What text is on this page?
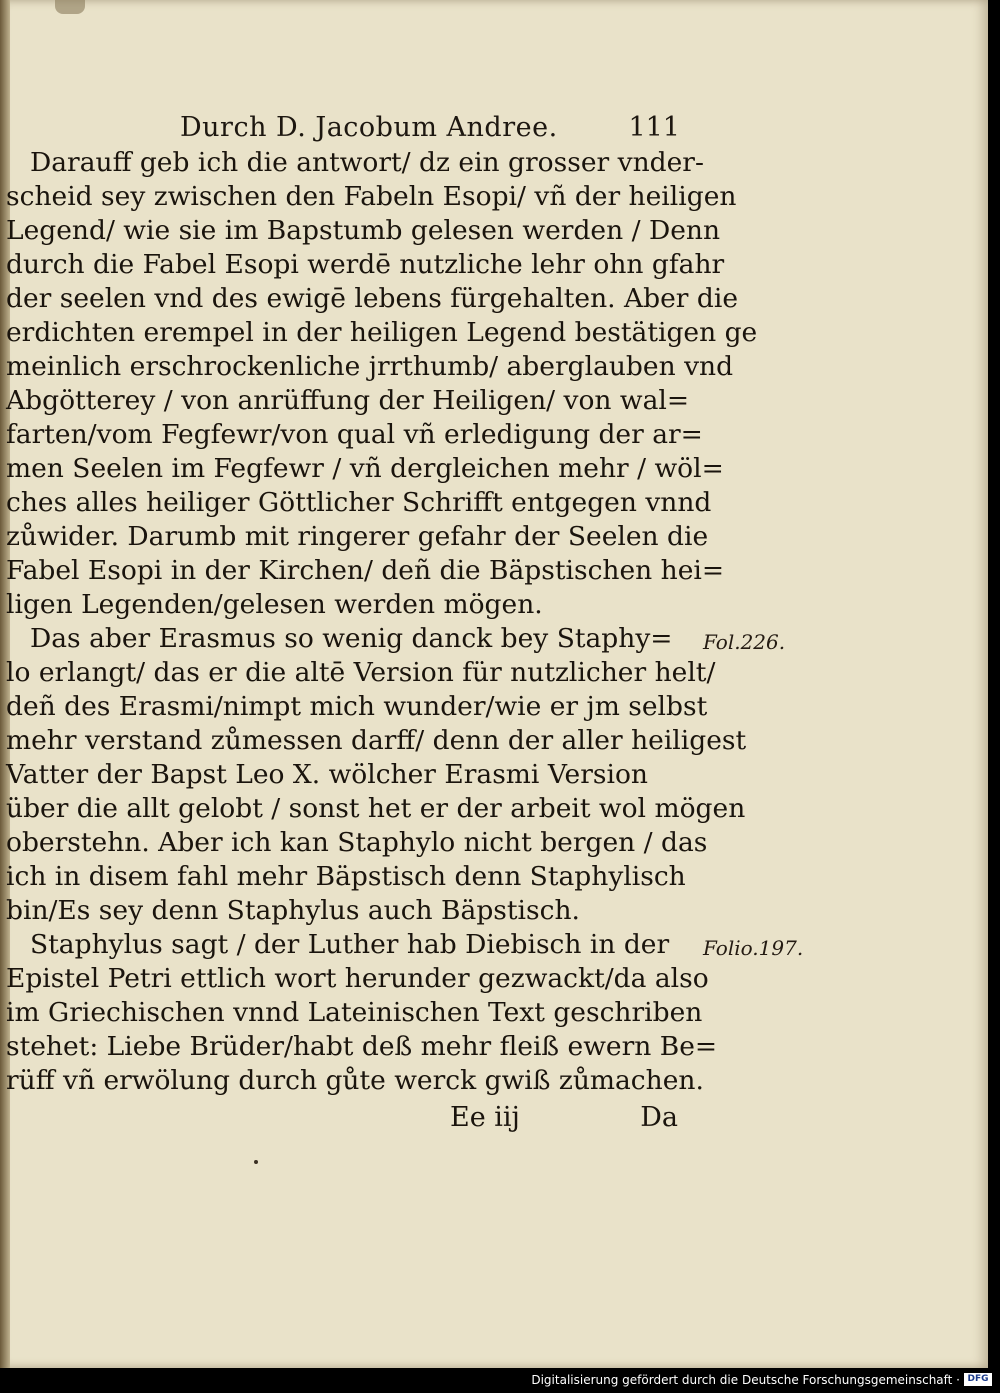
Durch D. Jacobum Andree.	111
Darauff geb ich die antwort/ dz ein grosser vnder-
scheid sey zwischen den Fabeln Esopi/ vñ der heiligen
Legend/ wie sie im Bapstumb gelesen werden / Denn
durch die Fabel Esopi werdē nutzliche lehr ohn gfahr
der seelen vnd des ewigē lebens fürgehalten. Aber die
erdichten erempel in der heiligen Legend bestätigen ge
meinlich erschrockenliche jrrthumb/ aberglauben vnd
Abgötterey / von anrüffung der Heiligen/ von wal=
farten/vom Fegfewr/von qual vñ erledigung der ar=
men Seelen im Fegfewr / vñ dergleichen mehr / wöl=
ches alles heiliger Göttlicher Schrifft entgegen vnnd
zůwider. Darumb mit ringerer gefahr der Seelen die
Fabel Esopi in der Kirchen/ deñ die Bäpstischen hei=
ligen Legenden/gelesen werden mögen.
Das aber Erasmus so wenig danck bey Staphy=
lo erlangt/ das er die altē Version für nutzlicher helt/
deñ des Erasmi/nimpt mich wunder/wie er jm selbst
mehr verstand zůmessen darff/ denn der aller heiligest
Vatter der Bapst Leo X. wölcher Erasmi Version
über die allt gelobt / sonst het er der arbeit wol mögen
oberstehn. Aber ich kan Staphylo nicht bergen / das
ich in disem fahl mehr Bäpstisch denn Staphylisch
bin/Es sey denn Staphylus auch Bäpstisch.
Staphylus sagt / der Luther hab Diebisch in der
Epistel Petri ettlich wort herunder gezwackt/da also
im Griechischen vnnd Lateinischen Text geschriben
stehet: Liebe Brüder/habt deß mehr fleiß ewern Be=
rüff vñ erwölung durch gůte werck gwiß zůmachen.
Fol.226.
Folio.197.
Ee iij	Da
Digitalisierung gefördert durch die Deutsche Forschungsgemeinschaft · DFG
